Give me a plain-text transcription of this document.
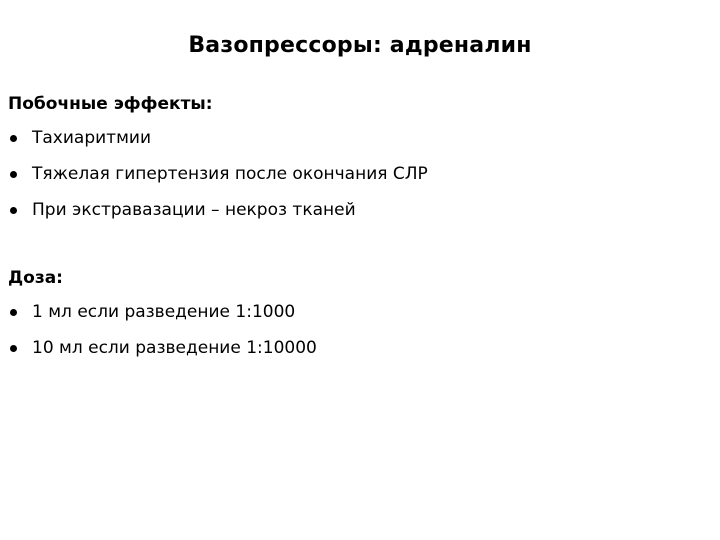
Вазопрессоры: адреналин
Побочные эффекты:
Тахиаритмии
Тяжелая гипертензия после окончания СЛР
При экстравазации – некроз тканей
Доза:
1 мл если разведение 1:1000
10 мл если разведение 1:10000
